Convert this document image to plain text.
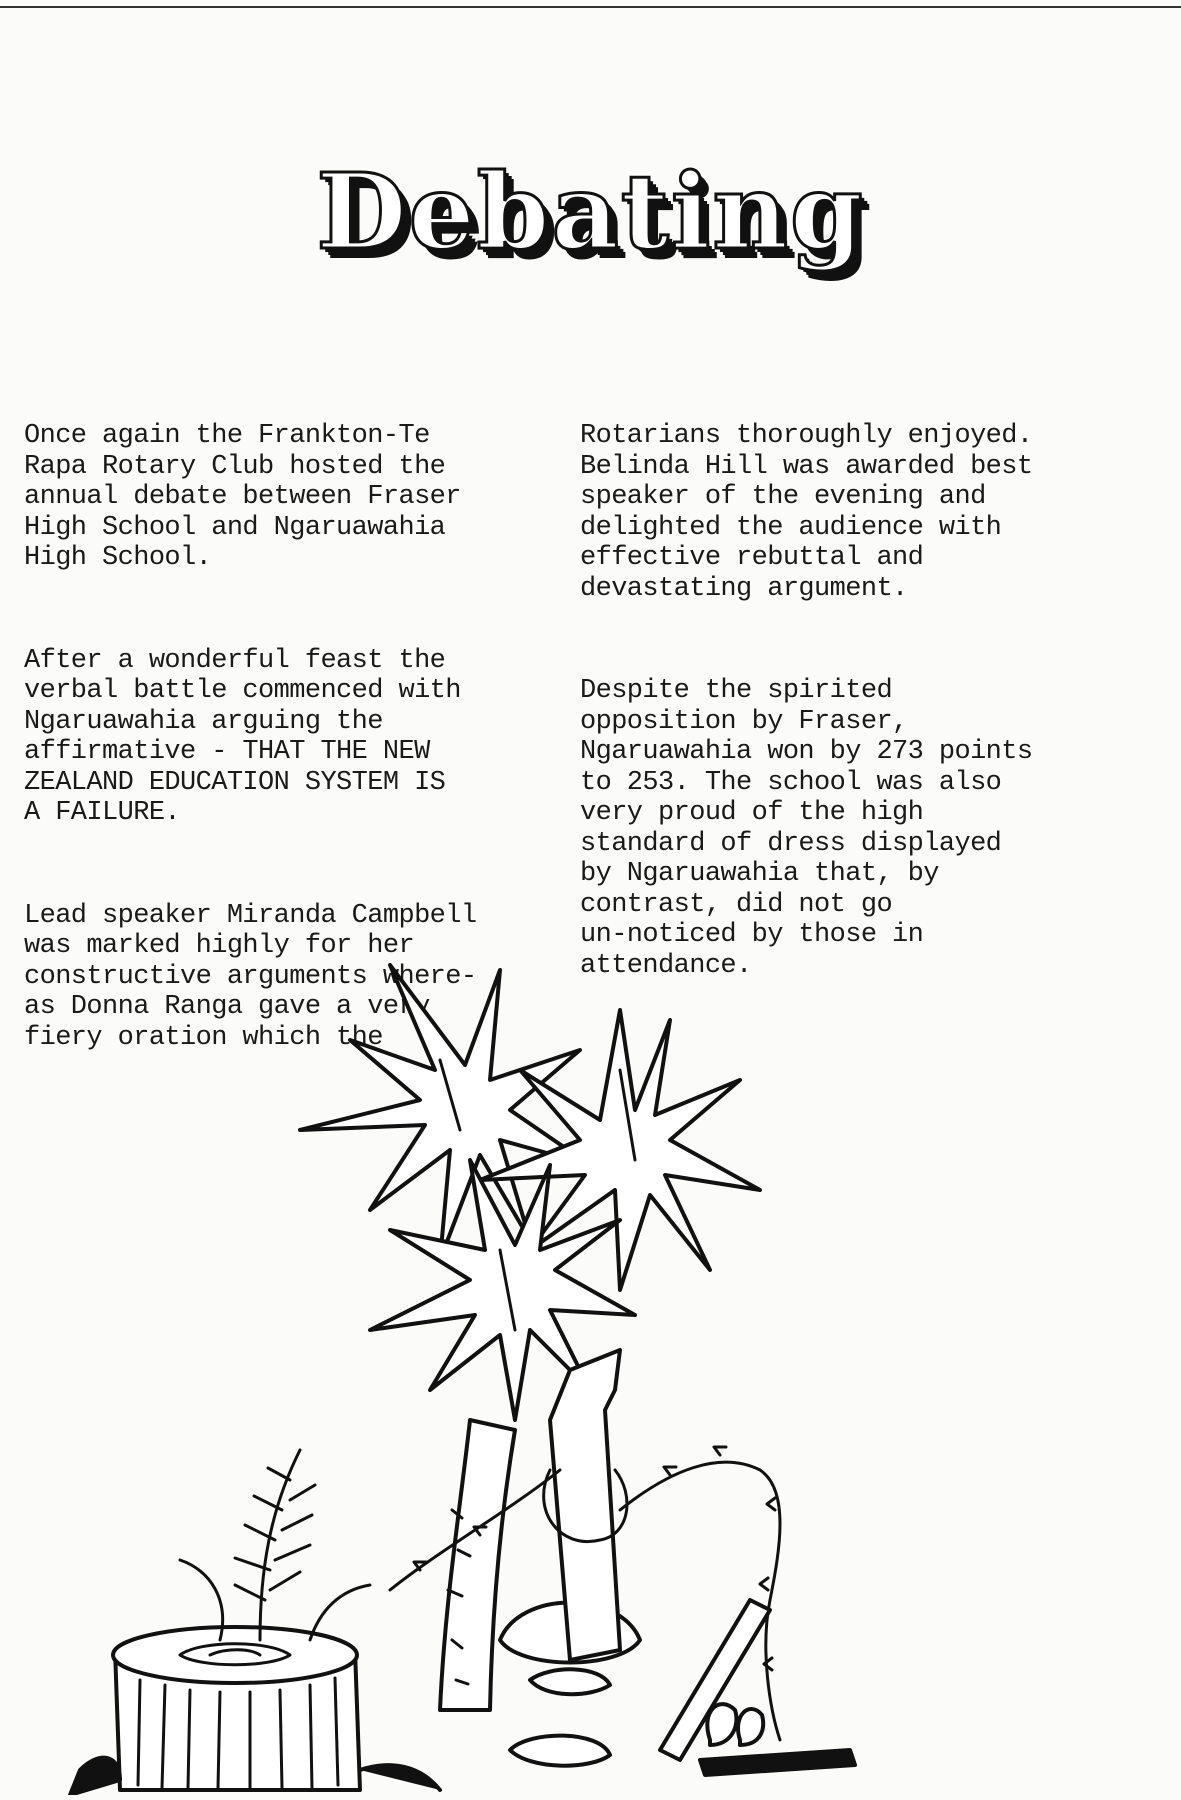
Debating

Once again the Frankton-Te
Rapa Rotary Club hosted the
annual debate between Fraser
High School and Ngaruawahia
High School.

After a wonderful feast the
verbal battle commenced with
Ngaruawahia arguing the
affirmative - THAT THE NEW
ZEALAND EDUCATION SYSTEM IS
A FAILURE.

Lead speaker Miranda Campbell
was marked highly for her
constructive arguments where-
as Donna Ranga gave a very
fiery oration which the

Rotarians thoroughly enjoyed.
Belinda Hill was awarded best
speaker of the evening and
delighted the audience with
effective rebuttal and
devastating argument.

Despite the spirited
opposition by Fraser,
Ngaruawahia won by 273 points
to 253. The school was also
very proud of the high
standard of dress displayed
by Ngaruawahia that, by
contrast, did not go
un-noticed by those in
attendance.
